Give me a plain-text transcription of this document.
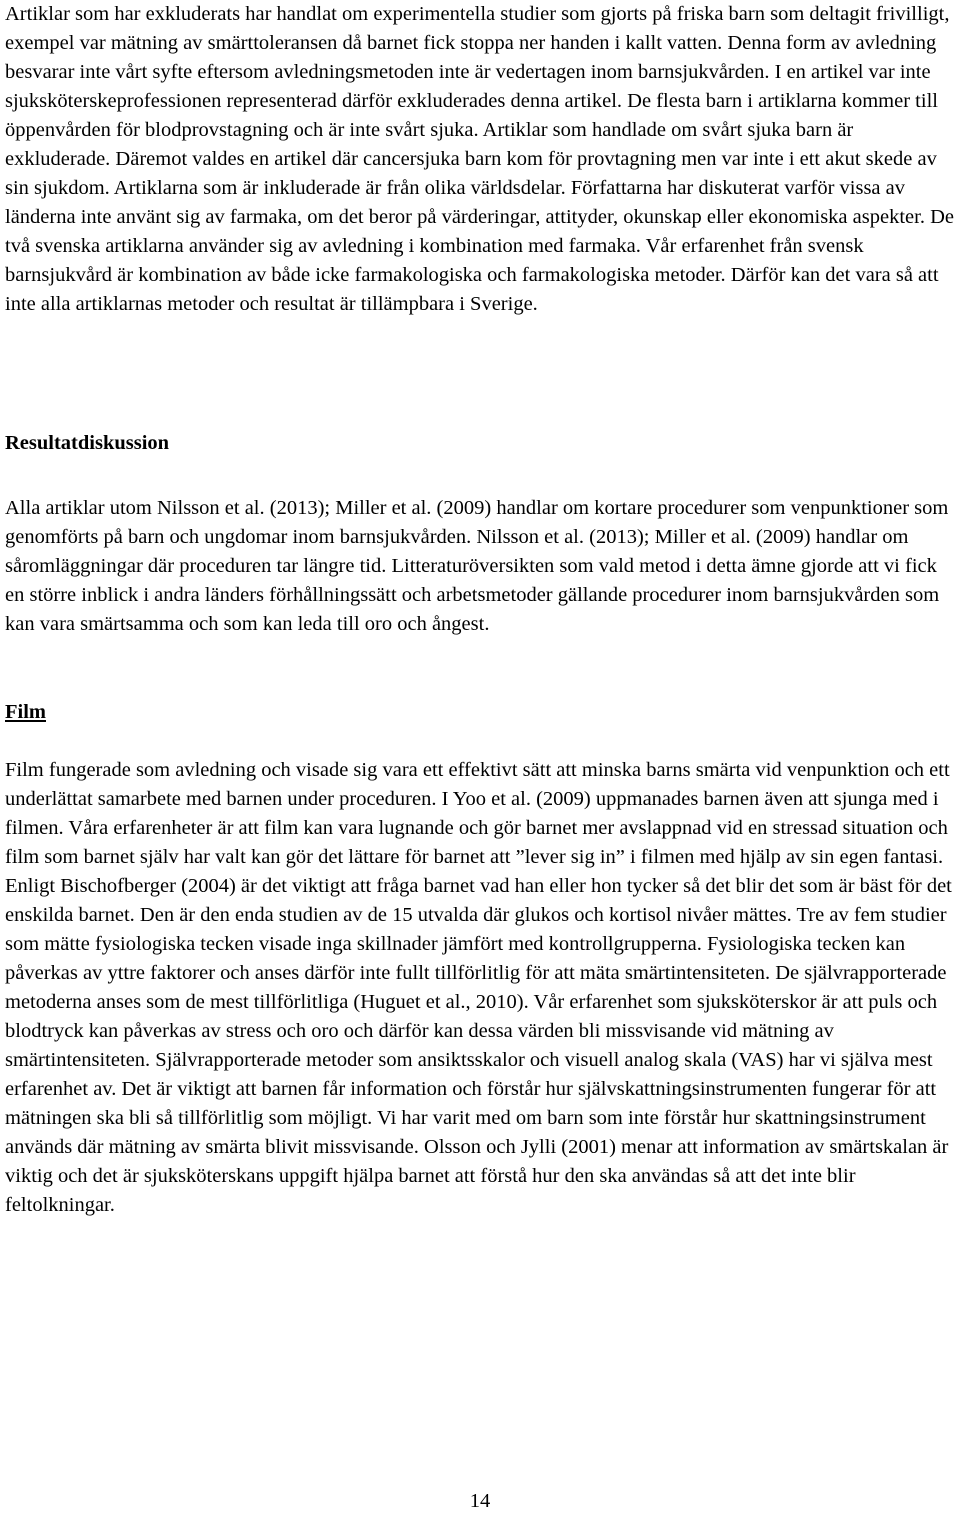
Artiklar som har exkluderats har handlat om experimentella studier som gjorts på friska barn som deltagit frivilligt, exempel var mätning av smärttoleransen då barnet fick stoppa ner handen i kallt vatten. Denna form av avledning besvarar inte vårt syfte eftersom avledningsmetoden inte är vedertagen inom barnsjukvården. I en artikel var inte sjuksköterskeprofessionen representerad därför exkluderades denna artikel. De flesta barn i artiklarna kommer till öppenvården för blodprovstagning och är inte svårt sjuka. Artiklar som handlade om svårt sjuka barn är exkluderade. Däremot valdes en artikel där cancersjuka barn kom för provtagning men var inte i ett akut skede av sin sjukdom. Artiklarna som är inkluderade är från olika världsdelar. Författarna har diskuterat varför vissa av länderna inte använt sig av farmaka, om det beror på värderingar, attityder, okunskap eller ekonomiska aspekter. De två svenska artiklarna använder sig av avledning i kombination med farmaka. Vår erfarenhet från svensk barnsjukvård är kombination av både icke farmakologiska och farmakologiska metoder. Därför kan det vara så att inte alla artiklarnas metoder och resultat är tillämpbara i Sverige.

Resultatdiskussion

Alla artiklar utom Nilsson et al. (2013); Miller et al. (2009) handlar om kortare procedurer som venpunktioner som genomförts på barn och ungdomar inom barnsjukvården. Nilsson et al. (2013); Miller et al. (2009) handlar om såromläggningar där proceduren tar längre tid. Litteraturöversikten som vald metod i detta ämne gjorde att vi fick en större inblick i andra länders förhållningssätt och arbetsmetoder gällande procedurer inom barnsjukvården som kan vara smärtsamma och som kan leda till oro och ångest.

Film

Film fungerade som avledning och visade sig vara ett effektivt sätt att minska barns smärta vid venpunktion och ett underlättat samarbete med barnen under proceduren. I Yoo et al. (2009) uppmanades barnen även att sjunga med i filmen. Våra erfarenheter är att film kan vara lugnande och gör barnet mer avslappnad vid en stressad situation och film som barnet själv har valt kan gör det lättare för barnet att ”lever sig in” i filmen med hjälp av sin egen fantasi. Enligt Bischofberger (2004) är det viktigt att fråga barnet vad han eller hon tycker så det blir det som är bäst för det enskilda barnet. Den är den enda studien av de 15 utvalda där glukos och kortisol nivåer mättes. Tre av fem studier som mätte fysiologiska tecken visade inga skillnader jämfört med kontrollgrupperna. Fysiologiska tecken kan påverkas av yttre faktorer och anses därför inte fullt tillförlitlig för att mäta smärtintensiteten. De självrapporterade metoderna anses som de mest tillförlitliga (Huguet et al., 2010). Vår erfarenhet som sjuksköterskor är att puls och blodtryck kan påverkas av stress och oro och därför kan dessa värden bli missvisande vid mätning av smärtintensiteten. Självrapporterade metoder som ansiktsskalor och visuell analog skala (VAS) har vi själva mest erfarenhet av. Det är viktigt att barnen får information och förstår hur självskattningsinstrumenten fungerar för att mätningen ska bli så tillförlitlig som möjligt. Vi har varit med om barn som inte förstår hur skattningsinstrument används där mätning av smärta blivit missvisande. Olsson och Jylli (2001) menar att information av smärtskalan är viktig och det är sjuksköterskans uppgift hjälpa barnet att förstå hur den ska användas så att det inte blir feltolkningar.

14
